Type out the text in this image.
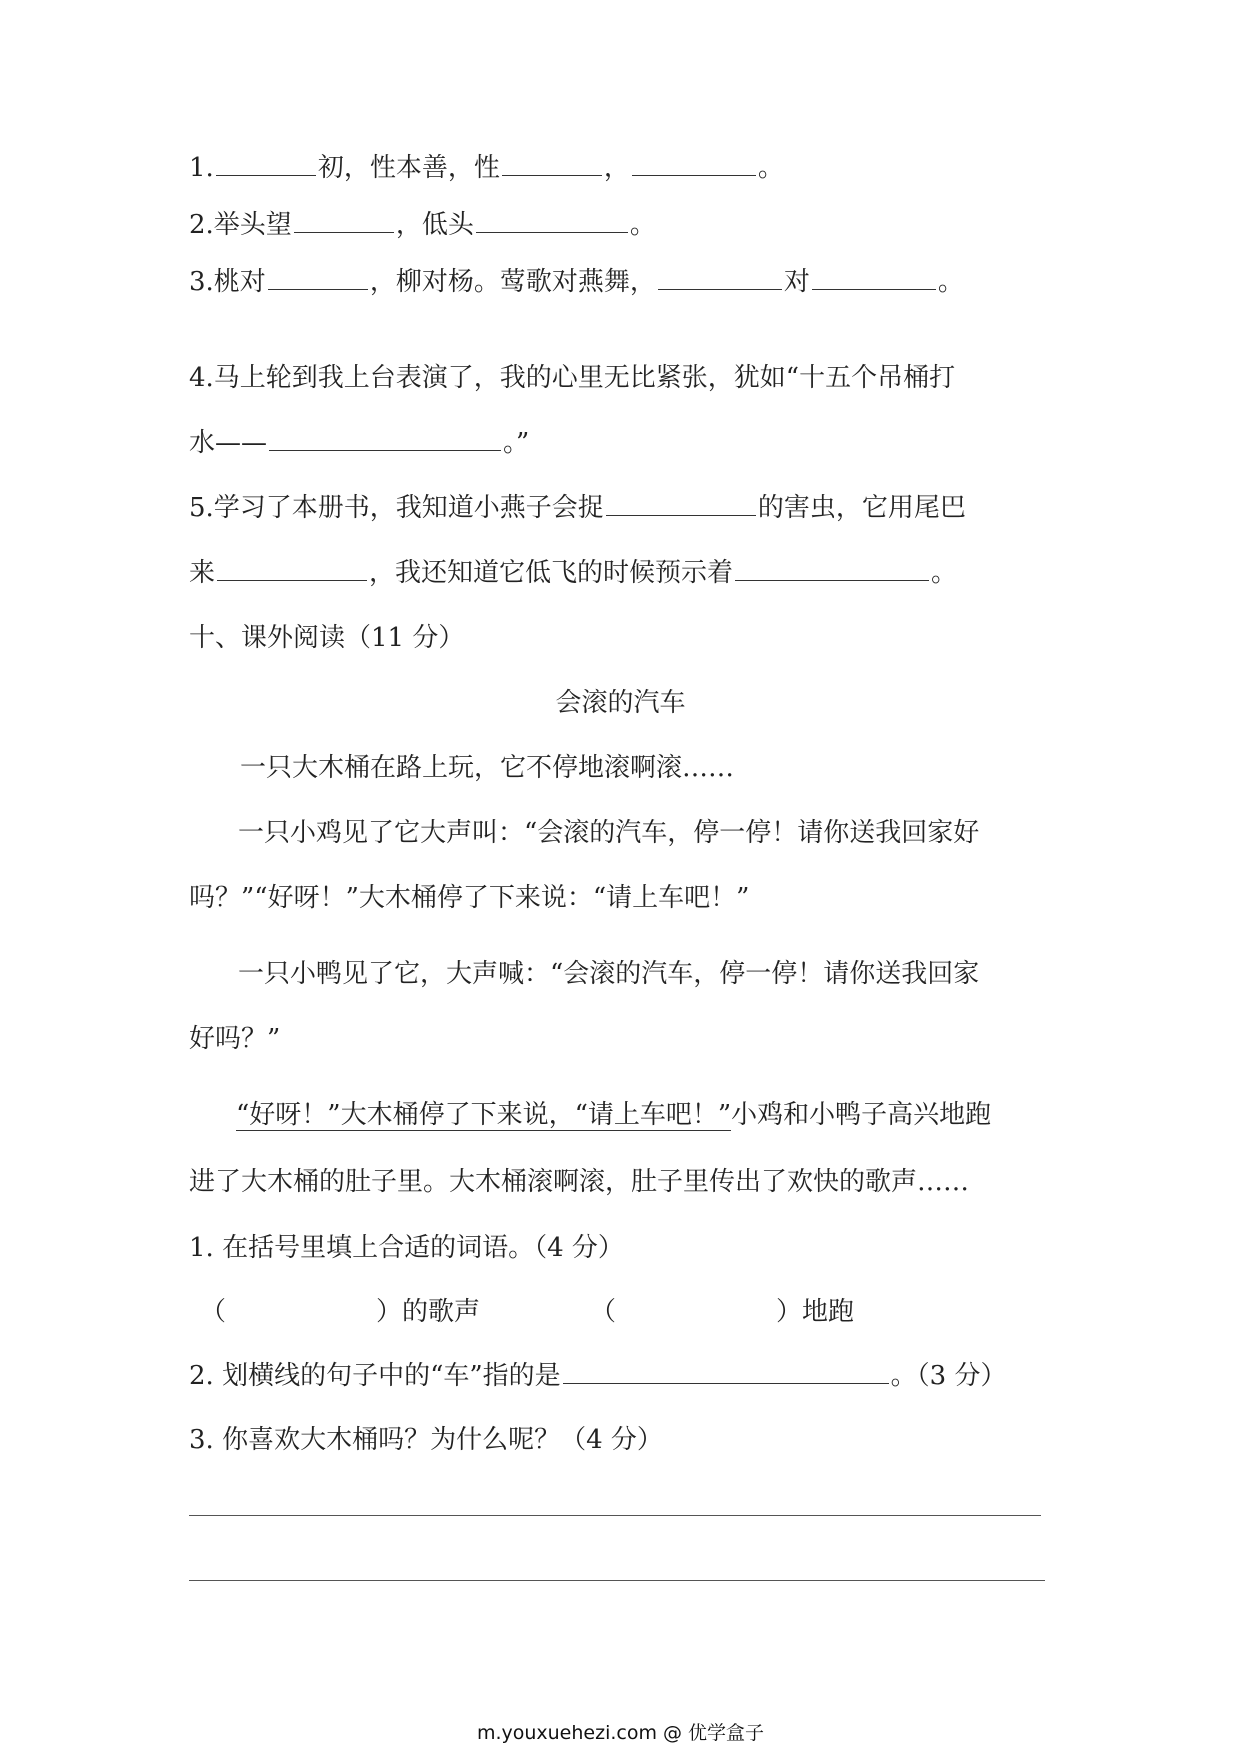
1.	初，性本善，性	，	。
2.举头望	，低头	。
3.桃对	，柳对杨。莺歌对燕舞，	对	。
4.马上轮到我上台表演了，我的心里无比紧张，犹如“十五个吊桶打
水——	。”
5.学习了本册书，我知道小燕子会捉	的害虫，它用尾巴
来	，我还知道它低飞的时候预示着	。
十、课外阅读（11 分）
会滚的汽车
一只大木桶在路上玩，它不停地滚啊滚……
一只小鸡见了它大声叫：“会滚的汽车，停一停！请你送我回家好
吗？”“好呀！”大木桶停了下来说：“请上车吧！”
一只小鸭见了它，大声喊：“会滚的汽车，停一停！请你送我回家
好吗？”
“好呀！”大木桶停了下来说，“请上车吧！”小鸡和小鸭子高兴地跑
进了大木桶的肚子里。大木桶滚啊滚，肚子里传出了欢快的歌声……
1. 在括号里填上合适的词语。（4 分）
（	）的歌声	（	）地跑
2. 划横线的句子中的“车”指的是	。（3 分）
3. 你喜欢大木桶吗？为什么呢？（4 分）
m.youxuehezi.com @ 优学盒子
